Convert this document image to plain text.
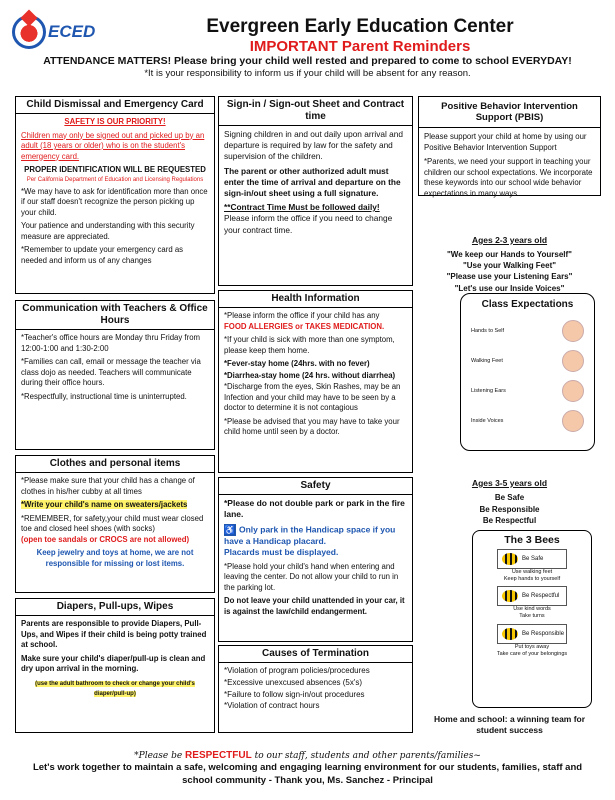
ECED	Evergreen Early Education Center
IMPORTANT Parent Reminders
ATTENDANCE MATTERS! Please bring your child well rested and prepared to come to school EVERYDAY!
*It is your responsibility to inform us if your child will be absent for any reason.
Child Dismissal and Emergency Card

SAFETY IS OUR PRIORITY!

Children may only be signed out and picked up by an adult (18 years or older) who is on the student's emergency card.

PROPER IDENTIFICATION WILL BE REQUESTED

Per California Department of Education and Licensing Regulations

*We may have to ask for identification more than once if our staff doesn't recognize the person picking up your child.

Your patience and understanding with this security measure are appreciated.

*Remember to update your emergency card as needed and inform us of any changes

Communication with Teachers & Office Hours

*Teacher's office hours are Monday thru Friday from 12:00-1:00 and 1:30-2:00

*Families can call, email or message the teacher via class dojo as needed. Teachers will communicate during their office hours.

*Respectfully, instructional time is uninterrupted.

Clothes and personal items

*Please make sure that your child has a change of clothes in his/her cubby at all times

*Write your child's name on sweaters/jackets

*REMEMBER, for safety,your child must wear closed toe and closed heel shoes (with socks)

(open toe sandals or CROCS are not allowed)

Keep jewelry and toys at home, we are not responsible for missing or lost items.

Diapers, Pull-ups, Wipes

Parents are responsible to provide Diapers, Pull-Ups, and Wipes if their child is being potty trained at school.

Make sure your child's diaper/pull-up is clean and dry upon arrival in the morning.

(use the adult bathroom to check or change your child's diaper/pull-up)

Sign-in / Sign-out Sheet and Contract time

Signing children in and out daily upon arrival and departure is required by law for the safety and supervision of the children.

The parent or other authorized adult must enter the time of arrival and departure on the sign-in/out sheet using a full signature.

**Contract Time Must be followed daily!

Please inform the office if you need to change your contract time.

Health Information

*Please inform the office if your child has any

FOOD ALLERGIES or TAKES MEDICATION.

*If your child is sick with more than one symptom, please keep them home.

*Fever-stay home (24hrs. with no fever)

*Diarrhea-stay home (24 hrs. without diarrhea)

*Discharge from the eyes, Skin Rashes, may be an Infection and your child may have to be seen by a doctor to determine it is not contagious

*Please be advised that you may have to take your child home until seen by a doctor.

Safety

*Please do not double park or park in the fire lane.

♿ Only park in the Handicap space if you have a Handicap placard.

Placards must be displayed.

*Please hold your child's hand when entering and leaving the center. Do not allow your child to run in the parking lot.

Do not leave your child unattended in your car, it is against the law/child endangerment.

Causes of Termination

*Violation of program policies/procedures

*Excessive unexcused absences (5x's)

*Failure to follow sign-in/out procedures

*Violation of contract hours

Positive Behavior Intervention Support (PBIS)

Please support your child at home by using our Positive Behavior Intervention Support

*Parents, we need your support in teaching your children our school expectations. We incorporate these keywords into our school wide behavior expectations in many ways.

Ages 2-3 years old
"We keep our Hands to Yourself"
"Use your Walking Feet"
"Please use your Listening Ears"
"Let's use our Inside Voices"
Class Expectations
Hands to Self
Walking Feet
Listening Ears
Inside Voices
Ages 3-5 years old
Be Safe
Be Responsible
Be Respectful
The 3 Bees
Be Safe
Use walking feet
Keep hands to yourself
Be Respectful
Use kind words
Take turns
Be Responsible
Put toys away
Take care of your belongings
Home and school: a winning team for student success
*Please be RESPECTFUL to our staff, students and other parents/families~
Let's work together to maintain a safe, welcoming and engaging learning environment for our students, families, staff and school community - Thank you, Ms. Sanchez - Principal
